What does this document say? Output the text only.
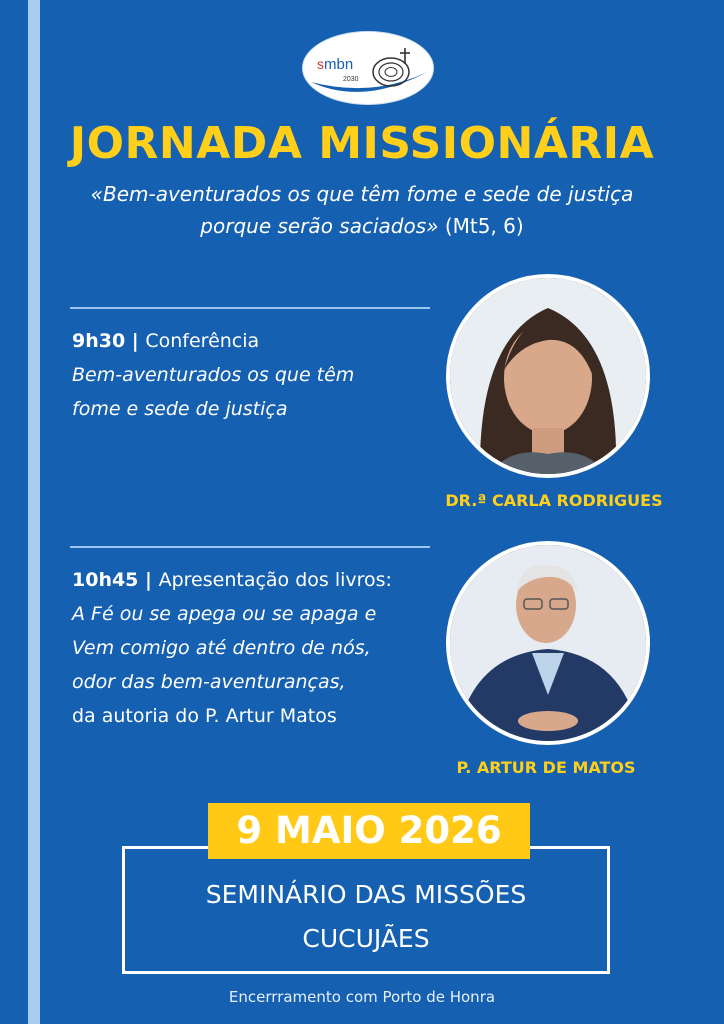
smbn
2030
JORNADA MISSIONÁRIA
«Bem-aventurados os que têm fome e sede de justiça
porque serão saciados» (Mt5, 6)
9h30 | Conferência
Bem-aventurados os que têm
fome e sede de justiça
DR.ª CARLA RODRIGUES
10h45 | Apresentação dos livros:
A Fé ou se apega ou se apaga e
Vem comigo até dentro de nós,
odor das bem-aventuranças,
da autoria do P. Artur Matos
P. ARTUR DE MATOS
9 MAIO 2026
SEMINÁRIO DAS MISSÕES
CUCUJÃES
Encerrramento com Porto de Honra
